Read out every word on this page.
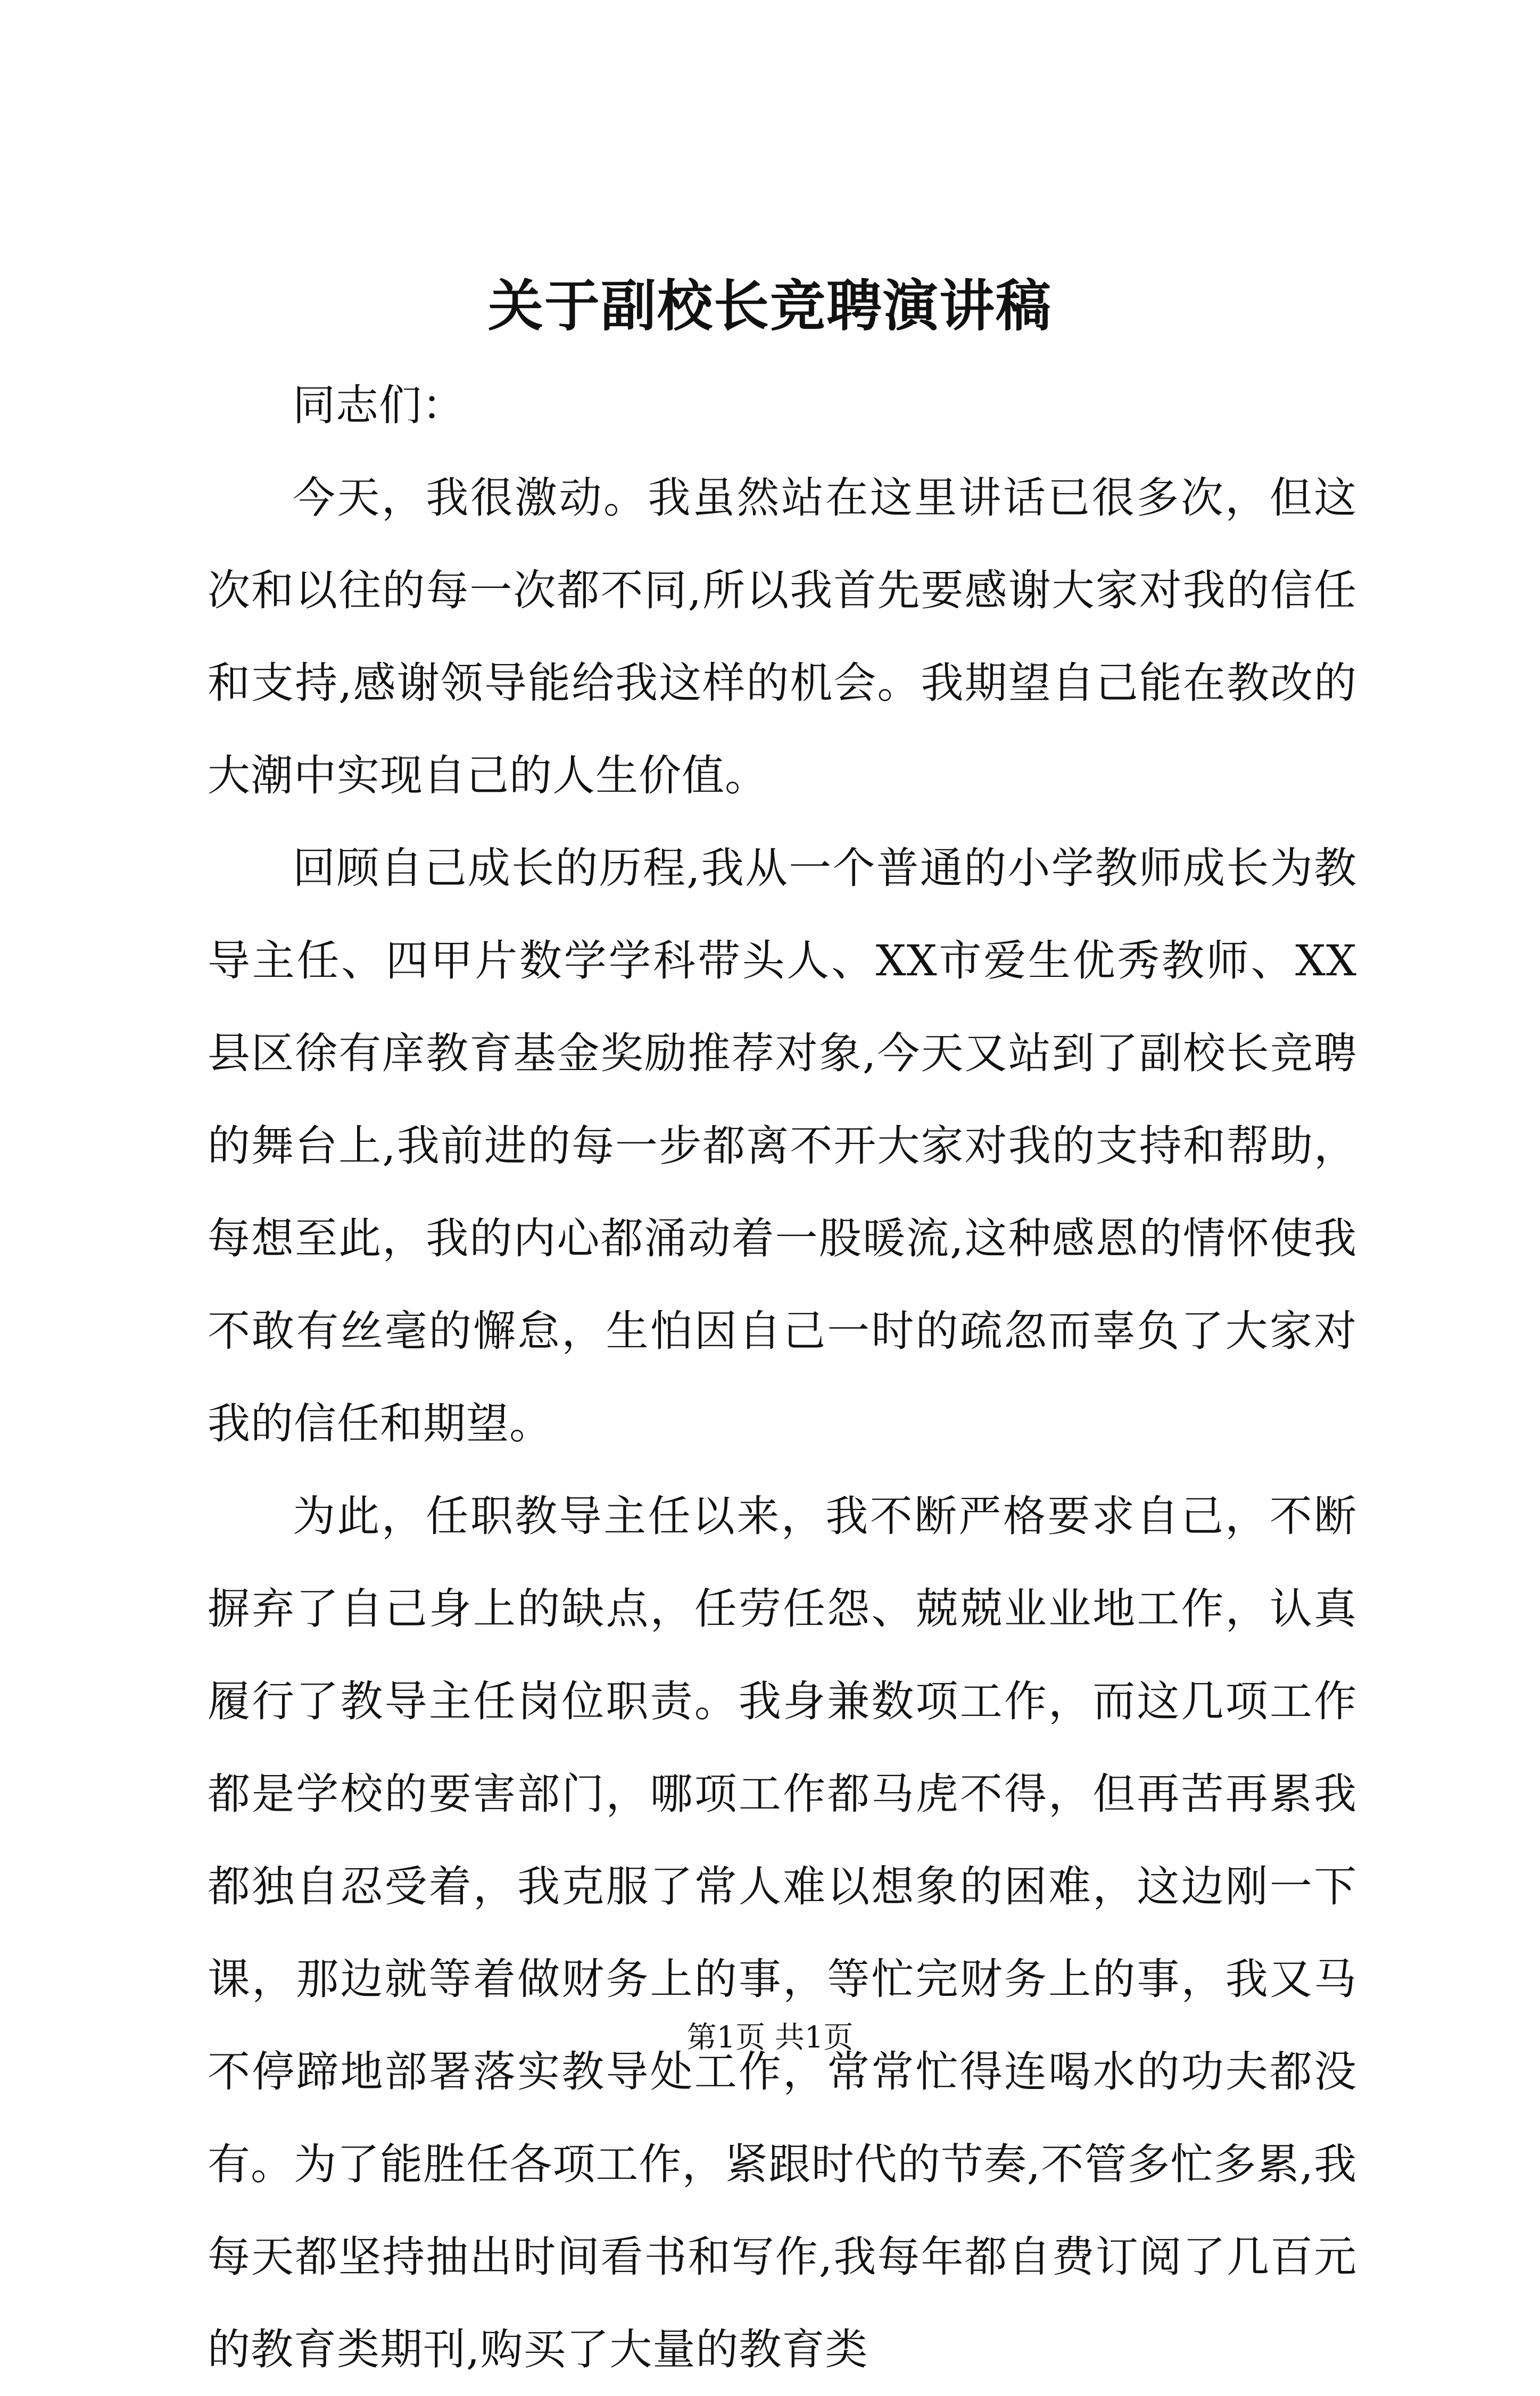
关于副校长竞聘演讲稿

同志们：

今天，我很激动。我虽然站在这里讲话已很多次，但这次和以往的每一次都不同,所以我首先要感谢大家对我的信任和支持,感谢领导能给我这样的机会。我期望自己能在教改的大潮中实现自己的人生价值。

回顾自己成长的历程,我从一个普通的小学教师成长为教导主任、四甲片数学学科带头人、XX市爱生优秀教师、XX县区徐有庠教育基金奖励推荐对象,今天又站到了副校长竞聘的舞台上,我前进的每一步都离不开大家对我的支持和帮助，每想至此，我的内心都涌动着一股暖流,这种感恩的情怀使我不敢有丝毫的懈怠，生怕因自己一时的疏忽而辜负了大家对我的信任和期望。

为此，任职教导主任以来，我不断严格要求自己，不断摒弃了自己身上的缺点，任劳任怨、兢兢业业地工作，认真履行了教导主任岗位职责。我身兼数项工作，而这几项工作都是学校的要害部门，哪项工作都马虎不得，但再苦再累我都独自忍受着，我克服了常人难以想象的困难，这边刚一下课，那边就等着做财务上的事，等忙完财务上的事，我又马不停蹄地部署落实教导处工作，常常忙得连喝水的功夫都没有。为了能胜任各项工作，紧跟时代的节奏,不管多忙多累,我每天都坚持抽出时间看书和写作,我每年都自费订阅了几百元的教育类期刊,购买了大量的教育类

第1页 共1页
